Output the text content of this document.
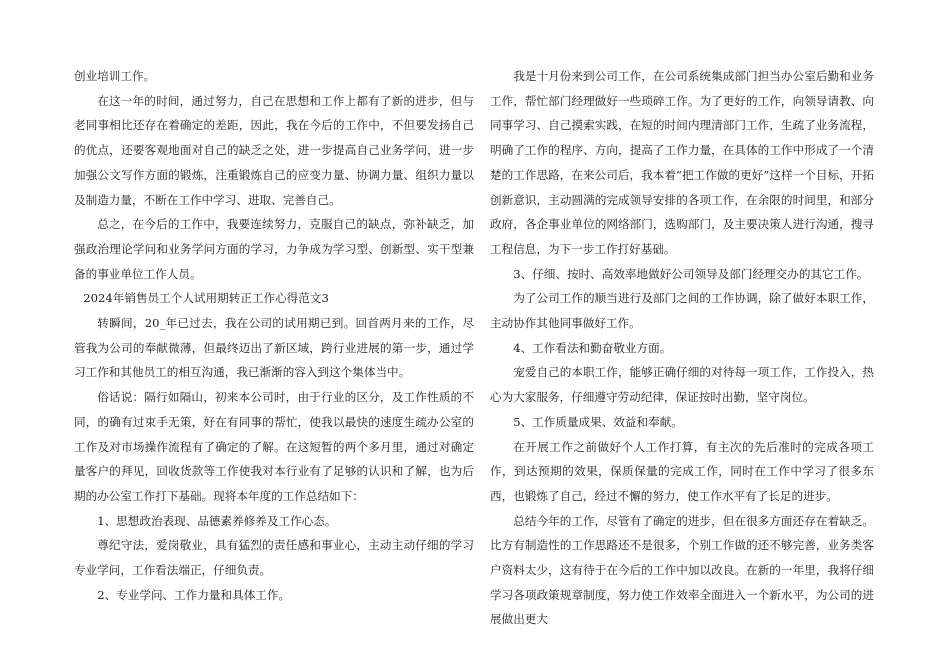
创业培训工作。

在这一年的时间，通过努力，自己在思想和工作上都有了新的进步，但与老同事相比还存在着确定的差距，因此，我在今后的工作中，不但要发扬自己的优点，还要客观地面对自己的缺乏之处，进一步提高自己业务学问，进一步加强公文写作方面的锻炼，注重锻炼自己的应变力量、协调力量、组织力量以及制造力量，不断在工作中学习、进取、完善自己。

总之，在今后的工作中，我要连续努力，克服自己的缺点，弥补缺乏，加强政治理论学问和业务学问方面的学习，力争成为学习型、创新型、实干型兼备的事业单位工作人员。

2024年销售员工个人试用期转正工作心得范文3

转瞬间，20_年已过去，我在公司的试用期已到。回首两月来的工作，尽管我为公司的奉献微薄，但最终迈出了新区域，跨行业进展的第一步，通过学习工作和其他员工的相互沟通，我已渐渐的容入到这个集体当中。

俗话说：隔行如隔山，初来本公司时，由于行业的区分，及工作性质的不同，的确有过束手无策，好在有同事的帮忙，使我以最快的速度生疏办公室的工作及对市场操作流程有了确定的了解。在这短暂的两个多月里，通过对确定量客户的拜见，回收货款等工作使我对本行业有了足够的认识和了解，也为后期的办公室工作打下基础。现将本年度的工作总结如下：

1、思想政治表现、品德素养修养及工作心态。

尊纪守法，爱岗敬业，具有猛烈的责任感和事业心，主动主动仔细的学习专业学问，工作看法端正，仔细负责。

2、专业学问、工作力量和具体工作。

我是十月份来到公司工作，在公司系统集成部门担当办公室后勤和业务工作，帮忙部门经理做好一些琐碎工作。为了更好的工作，向领导请教、向同事学习、自己摸索实践，在短的时间内理清部门工作，生疏了业务流程，明确了工作的程序、方向，提高了工作力量，在具体的工作中形成了一个清楚的工作思路，在来公司后，我本着“把工作做的更好”这样一个目标，开拓创新意识，主动圆满的完成领导安排的各项工作，在余限的时间里，和部分政府，各企事业单位的网络部门，选购部门，及主要决策人进行沟通，搜寻工程信息，为下一步工作打好基础。

3、仔细、按时、高效率地做好公司领导及部门经理交办的其它工作。

为了公司工作的顺当进行及部门之间的工作协调，除了做好本职工作，主动协作其他同事做好工作。

4、工作看法和勤奋敬业方面。

宠爱自己的本职工作，能够正确仔细的对待每一项工作，工作投入，热心为大家服务，仔细遵守劳动纪律，保证按时出勤，坚守岗位。

5、工作质量成果、效益和奉献。

在开展工作之前做好个人工作打算，有主次的先后准时的完成各项工作，到达预期的效果，保质保量的完成工作，同时在工作中学习了很多东西，也锻炼了自己，经过不懈的努力，使工作水平有了长足的进步。

总结今年的工作，尽管有了确定的进步，但在很多方面还存在着缺乏。比方有制造性的工作思路还不是很多，个别工作做的还不够完善，业务类客户资料太少，这有待于在今后的工作中加以改良。在新的一年里，我将仔细学习各项政策规章制度，努力使工作效率全面进入一个新水平，为公司的进展做出更大
